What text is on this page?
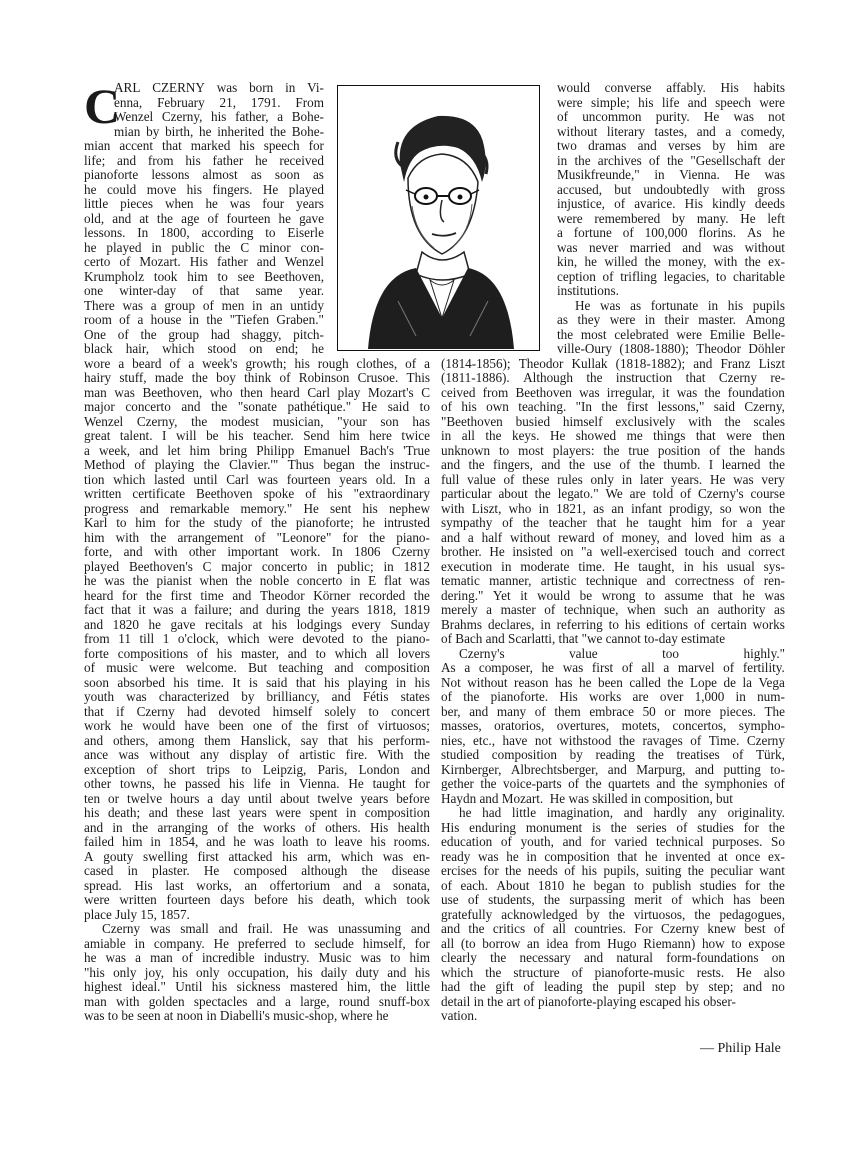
C
ARL CZERNY was born in Vi-
enna, February 21, 1791. From
Wenzel Czerny, his father, a Bohe-
mian by birth, he inherited the Bohe-
mian accent that marked his speech for
life; and from his father he received
pianoforte lessons almost as soon as
he could move his fingers. He played
little pieces when he was four years
old, and at the age of fourteen he gave
lessons. In 1800, according to Eiserle
he played in public the C minor con-
certo of Mozart. His father and Wenzel
Krumpholz took him to see Beethoven,
one winter-day of that same year.
There was a group of men in an untidy
room of a house in the "Tiefen Graben."
One of the group had shaggy, pitch-
black hair, which stood on end; he
wore a beard of a week's growth; his rough clothes, of a
hairy stuff, made the boy think of Robinson Crusoe. This
man was Beethoven, who then heard Carl play Mozart's C
major concerto and the "sonate pathétique." He said to
Wenzel Czerny, the modest musician, "your son has
great talent. I will be his teacher. Send him here twice
a week, and let him bring Philipp Emanuel Bach's 'True
Method of playing the Clavier.'" Thus began the instruc-
tion which lasted until Carl was fourteen years old. In a
written certificate Beethoven spoke of his "extraordinary
progress and remarkable memory." He sent his nephew
Karl to him for the study of the pianoforte; he intrusted
him with the arrangement of "Leonore" for the piano-
forte, and with other important work. In 1806 Czerny
played Beethoven's C major concerto in public; in 1812
he was the pianist when the noble concerto in E flat was
heard for the first time and Theodor Körner recorded the
fact that it was a failure; and during the years 1818, 1819
and 1820 he gave recitals at his lodgings every Sunday
from 11 till 1 o'clock, which were devoted to the piano-
forte compositions of his master, and to which all lovers
of music were welcome. But teaching and composition
soon absorbed his time. It is said that his playing in his
youth was characterized by brilliancy, and Fétis states
that if Czerny had devoted himself solely to concert
work he would have been one of the first of virtuosos;
and others, among them Hanslick, say that his perform-
ance was without any display of artistic fire. With the
exception of short trips to Leipzig, Paris, London and
other towns, he passed his life in Vienna. He taught for
ten or twelve hours a day until about twelve years before
his death; and these last years were spent in composition
and in the arranging of the works of others. His health
failed him in 1854, and he was loath to leave his rooms.
A gouty swelling first attacked his arm, which was en-
cased in plaster. He composed although the disease
spread. His last works, an offertorium and a sonata,
were written fourteen days before his death, which took
place July 15, 1857.
Czerny was small and frail. He was unassuming and
amiable in company. He preferred to seclude himself, for
he was a man of incredible industry. Music was to him
"his only joy, his only occupation, his daily duty and his
highest ideal." Until his sickness mastered him, the little
man with golden spectacles and a large, round snuff-box
was to be seen at noon in Diabelli's music-shop, where he
would converse affably. His habits
were simple; his life and speech were
of uncommon purity. He was not
without literary tastes, and a comedy,
two dramas and verses by him are
in the archives of the "Gesellschaft der
Musikfreunde," in Vienna. He was
accused, but undoubtedly with gross
injustice, of avarice. His kindly deeds
were remembered by many. He left
a fortune of 100,000 florins. As he
was never married and was without
kin, he willed the money, with the ex-
ception of trifling legacies, to charitable
institutions.
He was as fortunate in his pupils
as they were in their master. Among
the most celebrated were Emilie Belle-
ville-Oury (1808-1880); Theodor Döhler
(1814-1856); Theodor Kullak (1818-1882); and Franz Liszt
(1811-1886). Although the instruction that Czerny re-
ceived from Beethoven was irregular, it was the foundation
of his own teaching. "In the first lessons," said Czerny,
"Beethoven busied himself exclusively with the scales
in all the keys. He showed me things that were then
unknown to most players: the true position of the hands
and the fingers, and the use of the thumb. I learned the
full value of these rules only in later years. He was very
particular about the legato." We are told of Czerny's course
with Liszt, who in 1821, as an infant prodigy, so won the
sympathy of the teacher that he taught him for a year
and a half without reward of money, and loved him as a
brother. He insisted on "a well-exercised touch and correct
execution in moderate time. He taught, in his usual sys-
tematic manner, artistic technique and correctness of ren-
dering." Yet it would be wrong to assume that he was
merely a master of technique, when such an authority as
Brahms declares, in referring to his editions of certain works
of Bach and Scarlatti, that "we cannot to-day estimate
Czerny's	value	too	highly."
As a composer, he was first of all a marvel of fertility.
Not without reason has he been called the Lope de la Vega
of the pianoforte. His works are over 1,000 in num-
ber, and many of them embrace 50 or more pieces. The
masses, oratorios, overtures, motets, concertos, sympho-
nies, etc., have not withstood the ravages of Time. Czerny
studied composition by reading the treatises of Türk,
Kirnberger, Albrechtsberger, and Marpurg, and putting to-
gether the voice-parts of the quartets and the symphonies of
Haydn and Mozart.  He was skilled in composition, but
he had little imagination, and hardly any originality.
His enduring monument is the series of studies for the
education of youth, and for varied technical purposes. So
ready was he in composition that he invented at once ex-
ercises for the needs of his pupils, suiting the peculiar want
of each. About 1810 he began to publish studies for the
use of students, the surpassing merit of which has been
gratefully acknowledged by the virtuosos, the pedagogues,
and the critics of all countries. For Czerny knew best of
all (to borrow an idea from Hugo Riemann) how to expose
clearly the necessary and natural form-foundations on
which the structure of pianoforte-music rests. He also
had the gift of leading the pupil step by step; and no
detail in the art of pianoforte-playing escaped his obser-
vation.
— Philip Hale
